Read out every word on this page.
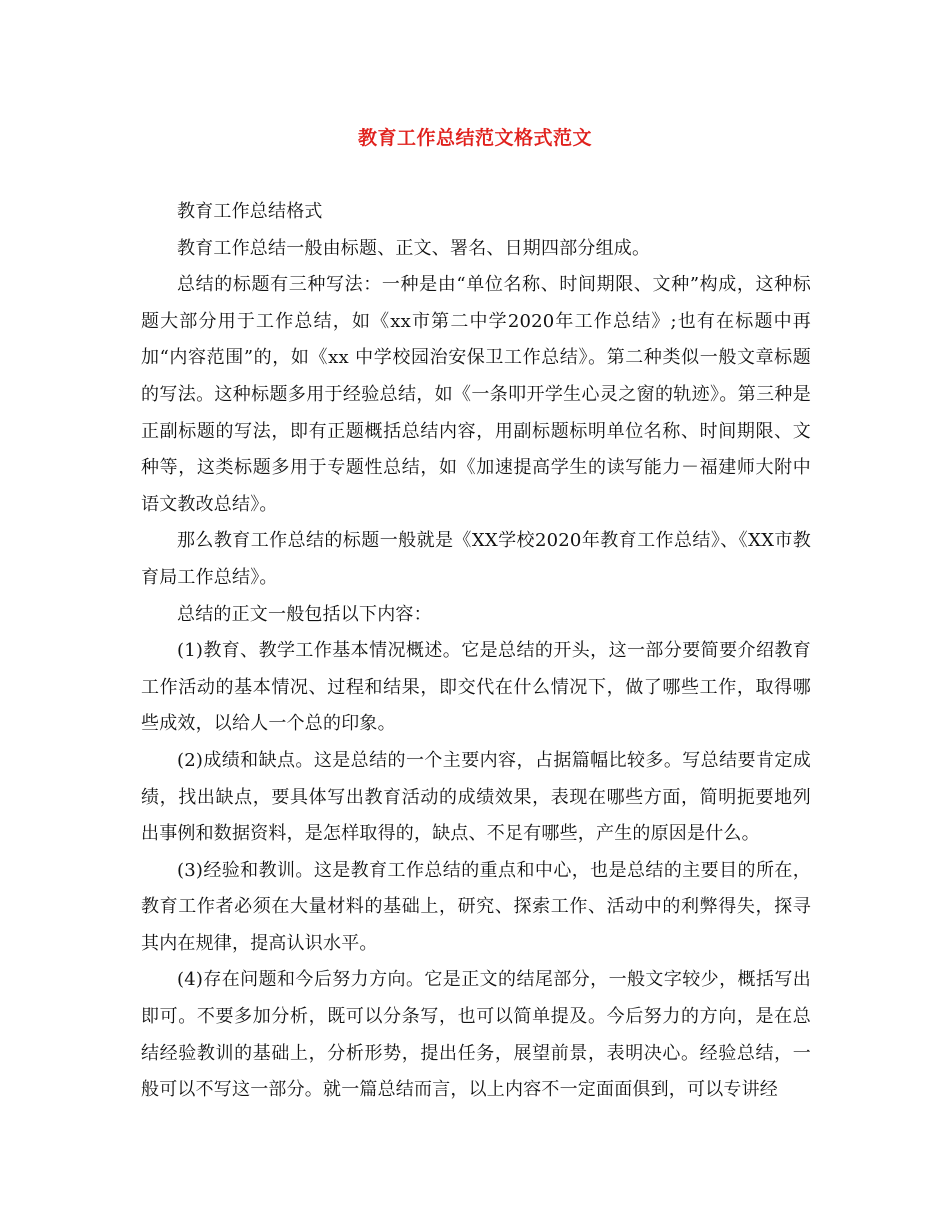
教育工作总结范文格式范文

教育工作总结格式

教育工作总结一般由标题、正文、署名、日期四部分组成。

总结的标题有三种写法：一种是由“单位名称、时间期限、文种”构成，这种标题大部分用于工作总结，如《xx市第二中学2020年工作总结》;也有在标题中再加“内容范围”的，如《xx 中学校园治安保卫工作总结》。第二种类似一般文章标题的写法。这种标题多用于经验总结，如《一条叩开学生心灵之窗的轨迹》。第三种是正副标题的写法，即有正题概括总结内容，用副标题标明单位名称、时间期限、文种等，这类标题多用于专题性总结，如《加速提高学生的读写能力－福建师大附中语文教改总结》。

那么教育工作总结的标题一般就是《XX学校2020年教育工作总结》、《XX市教育局工作总结》。

总结的正文一般包括以下内容：

(1)教育、教学工作基本情况概述。它是总结的开头，这一部分要简要介绍教育工作活动的基本情况、过程和结果，即交代在什么情况下，做了哪些工作，取得哪些成效，以给人一个总的印象。

(2)成绩和缺点。这是总结的一个主要内容，占据篇幅比较多。写总结要肯定成绩，找出缺点，要具体写出教育活动的成绩效果，表现在哪些方面，简明扼要地列出事例和数据资料，是怎样取得的，缺点、不足有哪些，产生的原因是什么。

(3)经验和教训。这是教育工作总结的重点和中心，也是总结的主要目的所在，教育工作者必须在大量材料的基础上，研究、探索工作、活动中的利弊得失，探寻其内在规律，提高认识水平。

(4)存在问题和今后努力方向。它是正文的结尾部分，一般文字较少，概括写出即可。不要多加分析，既可以分条写，也可以简单提及。今后努力的方向，是在总结经验教训的基础上，分析形势，提出任务，展望前景，表明决心。经验总结，一般可以不写这一部分。就一篇总结而言，以上内容不一定面面俱到，可以专讲经
